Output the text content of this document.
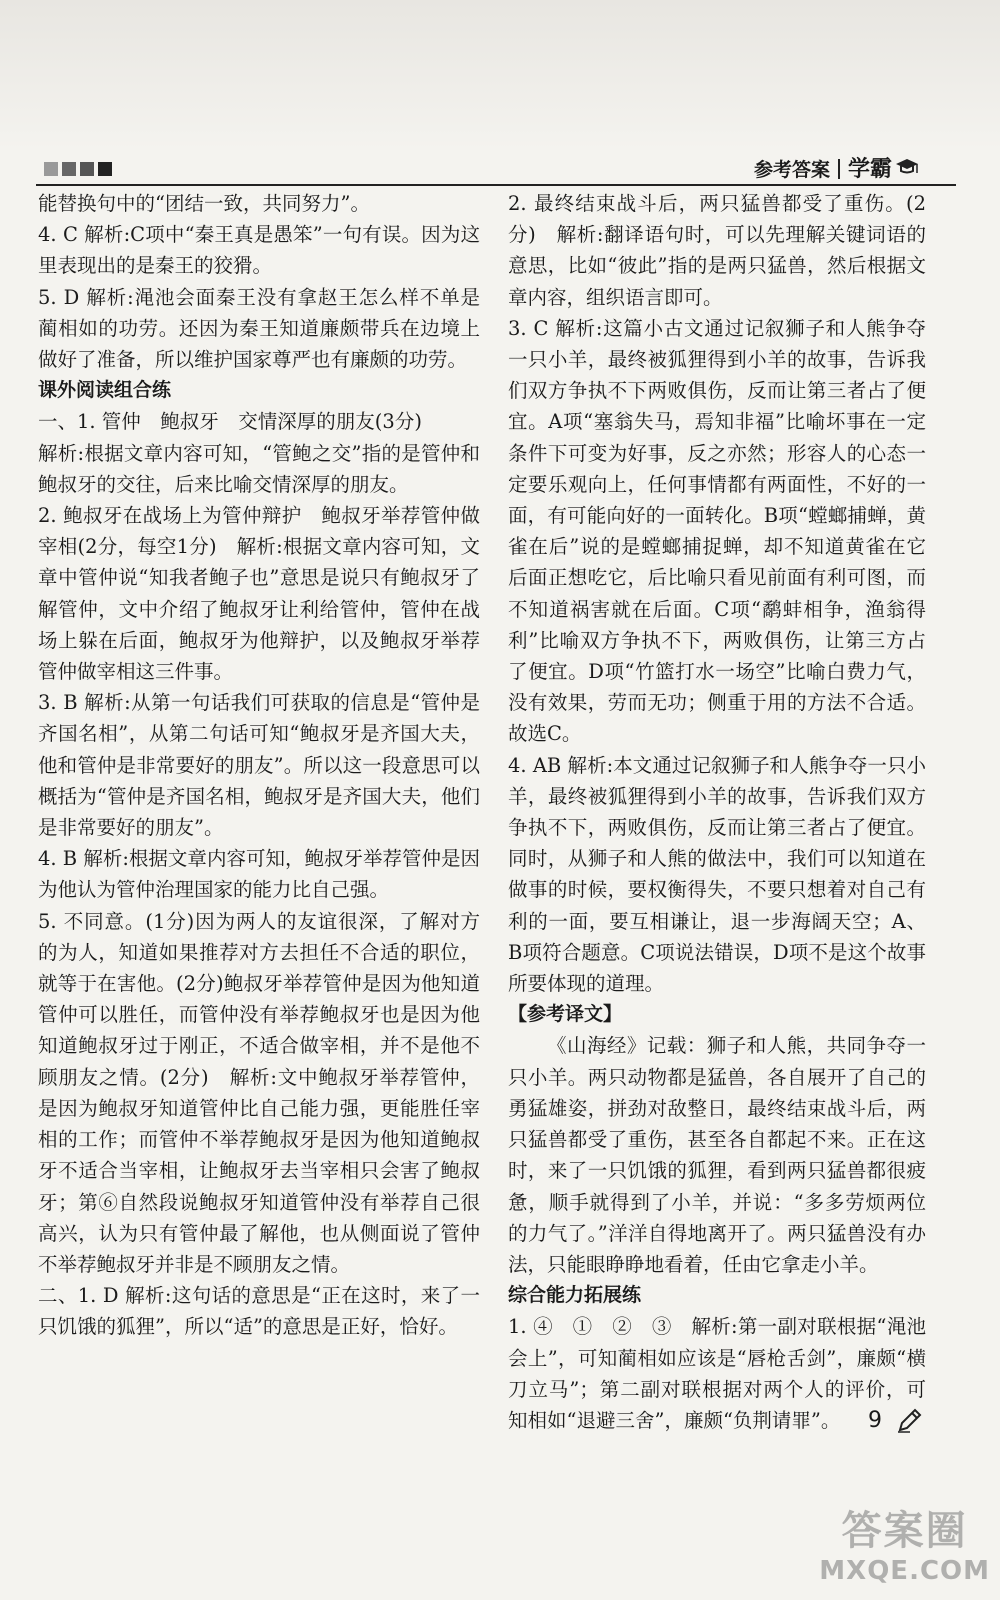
参考答案 学霸

能替换句中的“团结一致，共同努力”。

4. C 解析:C项中“秦王真是愚笨”一句有误。因为这里表现出的是秦王的狡猾。

5. D 解析:渑池会面秦王没有拿赵王怎么样不单是蔺相如的功劳。还因为秦王知道廉颇带兵在边境上做好了准备，所以维护国家尊严也有廉颇的功劳。

课外阅读组合练

一、1. 管仲　鲍叔牙　交情深厚的朋友(3分)

解析:根据文章内容可知，“管鲍之交”指的是管仲和鲍叔牙的交往，后来比喻交情深厚的朋友。

2. 鲍叔牙在战场上为管仲辩护　鲍叔牙举荐管仲做宰相(2分，每空1分)　解析:根据文章内容可知，文章中管仲说“知我者鲍子也”意思是说只有鲍叔牙了解管仲，文中介绍了鲍叔牙让利给管仲，管仲在战场上躲在后面，鲍叔牙为他辩护，以及鲍叔牙举荐管仲做宰相这三件事。

3. B 解析:从第一句话我们可获取的信息是“管仲是齐国名相”，从第二句话可知“鲍叔牙是齐国大夫，他和管仲是非常要好的朋友”。所以这一段意思可以概括为“管仲是齐国名相，鲍叔牙是齐国大夫，他们是非常要好的朋友”。

4. B 解析:根据文章内容可知，鲍叔牙举荐管仲是因为他认为管仲治理国家的能力比自己强。

5. 不同意。(1分)因为两人的友谊很深，了解对方的为人，知道如果推荐对方去担任不合适的职位，就等于在害他。(2分)鲍叔牙举荐管仲是因为他知道管仲可以胜任，而管仲没有举荐鲍叔牙也是因为他知道鲍叔牙过于刚正，不适合做宰相，并不是他不顾朋友之情。(2分)　解析:文中鲍叔牙举荐管仲，是因为鲍叔牙知道管仲比自己能力强，更能胜任宰相的工作；而管仲不举荐鲍叔牙是因为他知道鲍叔牙不适合当宰相，让鲍叔牙去当宰相只会害了鲍叔牙；第⑥自然段说鲍叔牙知道管仲没有举荐自己很高兴，认为只有管仲最了解他，也从侧面说了管仲不举荐鲍叔牙并非是不顾朋友之情。

二、1. D 解析:这句话的意思是“正在这时，来了一只饥饿的狐狸”，所以“适”的意思是正好，恰好。

2. 最终结束战斗后，两只猛兽都受了重伤。(2分)　解析:翻译语句时，可以先理解关键词语的意思，比如“彼此”指的是两只猛兽，然后根据文章内容，组织语言即可。

3. C 解析:这篇小古文通过记叙狮子和人熊争夺一只小羊，最终被狐狸得到小羊的故事，告诉我们双方争执不下两败俱伤，反而让第三者占了便宜。A项“塞翁失马，焉知非福”比喻坏事在一定条件下可变为好事，反之亦然；形容人的心态一定要乐观向上，任何事情都有两面性，不好的一面，有可能向好的一面转化。B项“螳螂捕蝉，黄雀在后”说的是螳螂捕捉蝉，却不知道黄雀在它后面正想吃它，后比喻只看见前面有利可图，而不知道祸害就在后面。C项“鹬蚌相争，渔翁得利”比喻双方争执不下，两败俱伤，让第三方占了便宜。D项“竹篮打水一场空”比喻白费力气，没有效果，劳而无功；侧重于用的方法不合适。故选C。

4. AB 解析:本文通过记叙狮子和人熊争夺一只小羊，最终被狐狸得到小羊的故事，告诉我们双方争执不下，两败俱伤，反而让第三者占了便宜。同时，从狮子和人熊的做法中，我们可以知道在做事的时候，要权衡得失，不要只想着对自己有利的一面，要互相谦让，退一步海阔天空；A、B项符合题意。C项说法错误，D项不是这个故事所要体现的道理。

【参考译文】

《山海经》记载：狮子和人熊，共同争夺一只小羊。两只动物都是猛兽，各自展开了自己的勇猛雄姿，拼劲对敌整日，最终结束战斗后，两只猛兽都受了重伤，甚至各自都起不来。正在这时，来了一只饥饿的狐狸，看到两只猛兽都很疲惫，顺手就得到了小羊，并说：“多多劳烦两位的力气了。”洋洋自得地离开了。两只猛兽没有办法，只能眼睁睁地看着，任由它拿走小羊。

综合能力拓展练

1. ④　①　②　③　解析:第一副对联根据“渑池会上”，可知蔺相如应该是“唇枪舌剑”，廉颇“横刀立马”；第二副对联根据对两个人的评价，可知相如“退避三舍”，廉颇“负荆请罪”。	9
答案圈
MXQE.COM
